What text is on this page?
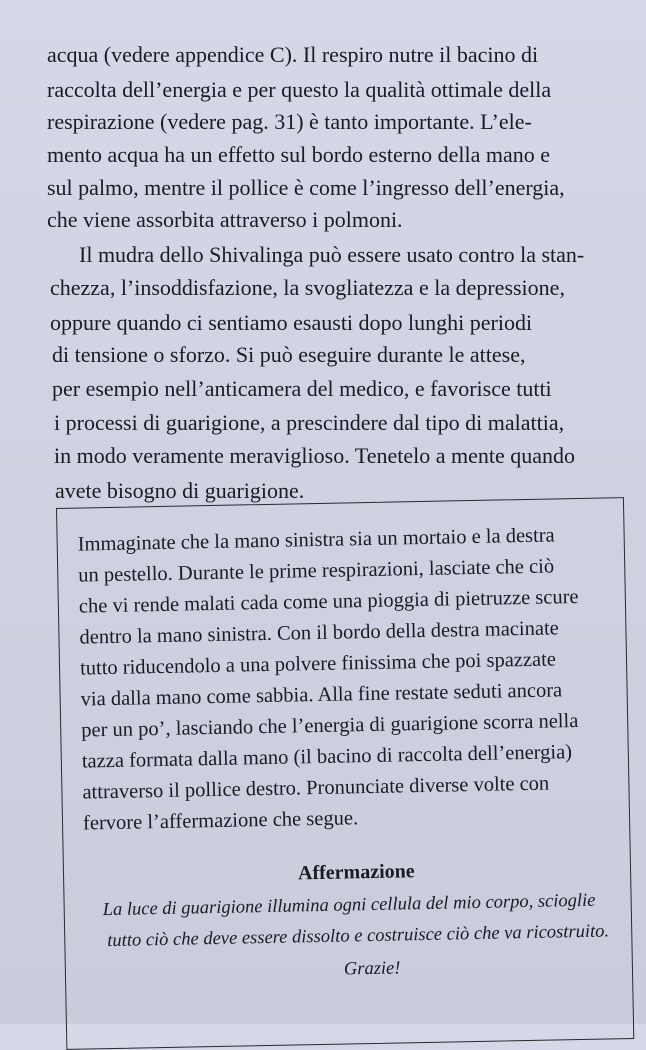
acqua (vedere appendice C). Il respiro nutre il bacino di
raccolta dell’energia e per questo la qualità ottimale della
respirazione (vedere pag. 31) è tanto importante. L’ele-
mento acqua ha un effetto sul bordo esterno della mano e
sul palmo, mentre il pollice è come l’ingresso dell’energia,
che viene assorbita attraverso i polmoni.
Il mudra dello Shivalinga può essere usato contro la stan-
chezza, l’insoddisfazione, la svogliatezza e la depressione,
oppure quando ci sentiamo esausti dopo lunghi periodi
di tensione o sforzo. Si può eseguire durante le attese,
per esempio nell’anticamera del medico, e favorisce tutti
i processi di guarigione, a prescindere dal tipo di malattia,
in modo veramente meraviglioso. Tenetelo a mente quando
avete bisogno di guarigione.
Immaginate che la mano sinistra sia un mortaio e la destra
un pestello. Durante le prime respirazioni, lasciate che ciò
che vi rende malati cada come una pioggia di pietruzze scure
dentro la mano sinistra. Con il bordo della destra macinate
tutto riducendolo a una polvere finissima che poi spazzate
via dalla mano come sabbia. Alla fine restate seduti ancora
per un po’, lasciando che l’energia di guarigione scorra nella
tazza formata dalla mano (il bacino di raccolta dell’energia)
attraverso il pollice destro. Pronunciate diverse volte con
fervore l’affermazione che segue.
Affermazione
La luce di guarigione illumina ogni cellula del mio corpo, scioglie
tutto ciò che deve essere dissolto e costruisce ciò che va ricostruito.
Grazie!
